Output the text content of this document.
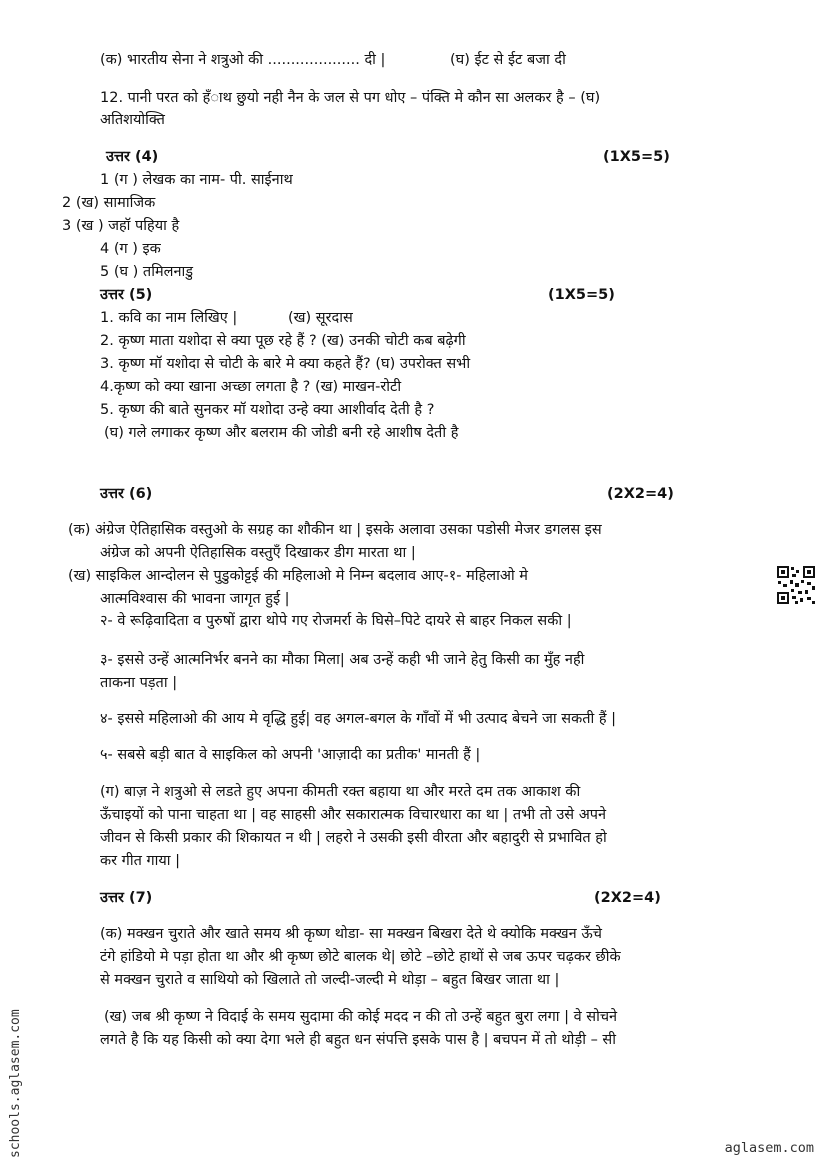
(क) भारतीय सेना ने शत्रुओ की .................... दी |	(घ) ईट से ईट बजा दी
12. पानी परत को हँाथ छुयो नही नैन के जल से पग धोए – पंक्ति मे कौन सा अलकर है – (घ)
अतिशयोक्ति
उत्तर (4)	(1X5=5)
1 (ग ) लेखक का नाम- पी. साईनाथ
2 (ख) सामाजिक
3 (ख ) जहॉ पहिया है
4 (ग ) इक
5 (घ ) तमिलनाडु
उत्तर (5)	(1X5=5)
1. कवि का नाम लिखिए |	(ख) सूरदास
2. कृष्ण माता यशोदा से क्या पूछ रहे हैं ? (ख) उनकी चोटी कब बढ़ेगी
3. कृष्ण मॉ यशोदा से चोटी के बारे मे क्या कहते हैं? (घ) उपरोक्त सभी
4.कृष्ण को क्या खाना अच्छा लगता है ? (ख) माखन-रोटी
5. कृष्ण की बाते सुनकर मॉ यशोदा उन्हे क्या आशीर्वाद देती है ?
(घ) गले लगाकर कृष्ण और बलराम की जोडी बनी रहे आशीष देती है
उत्तर (6)	(2X2=4)
(क) अंग्रेज ऐतिहासिक वस्तुओ के सग्रह का शौकीन था | इसके अलावा उसका पडोसी मेजर डगलस इस
अंग्रेज को अपनी ऐतिहासिक वस्तुएँ दिखाकर डीग मारता था |
(ख) साइकिल आन्दोलन से पुडुकोट्टई की महिलाओ मे निम्न बदलाव आए-१- महिलाओ मे
आत्मविश्वास की भावना जागृत हुई |
२- वे रूढ़िवादिता व पुरुषों द्वारा थोपे गए रोजमर्रा के घिसे–पिटे दायरे से बाहर निकल सकी |
३- इससे उन्हें आत्मनिर्भर बनने का मौका मिला| अब उन्हें कही भी जाने हेतु किसी का मुँह नही
ताकना पड़ता |
४- इससे महिलाओ की आय मे वृद्धि हुई| वह अगल-बगल के गाँवों में भी उत्पाद बेचने जा सकती हैं |
५- सबसे बड़ी बात वे साइकिल को अपनी 'आज़ादी का प्रतीक' मानती हैं |
(ग) बाज़ ने शत्रुओ से लडते हुए अपना कीमती रक्त बहाया था और मरते दम तक आकाश की
ऊँचाइयों को पाना चाहता था | वह साहसी और सकारात्मक विचारधारा का था | तभी तो उसे अपने
जीवन से किसी प्रकार की शिकायत न थी | लहरो ने उसकी इसी वीरता और बहादुरी से प्रभावित हो
कर गीत गाया |
उत्तर (7)	(2X2=4)
(क) मक्खन चुराते और खाते समय श्री कृष्ण थोडा- सा मक्खन बिखरा देते थे क्योकि मक्खन ऊँचे
टंगे हांडियो मे पड़ा होता था और श्री कृष्ण छोटे बालक थे| छोटे –छोटे हाथों से जब ऊपर चढ़कर छीके
से मक्खन चुराते व साथियो को खिलाते तो जल्दी-जल्दी मे थोड़ा – बहुत बिखर जाता था |
(ख) जब श्री कृष्ण ने विदाई के समय सुदामा की कोई मदद न की तो उन्हें बहुत बुरा लगा | वे सोचने
लगते है कि यह किसी को क्या देगा भले ही बहुत धन संपत्ति इसके पास है | बचपन में तो थोड़ी – सी
schools.aglasem.com	aglasem.com
